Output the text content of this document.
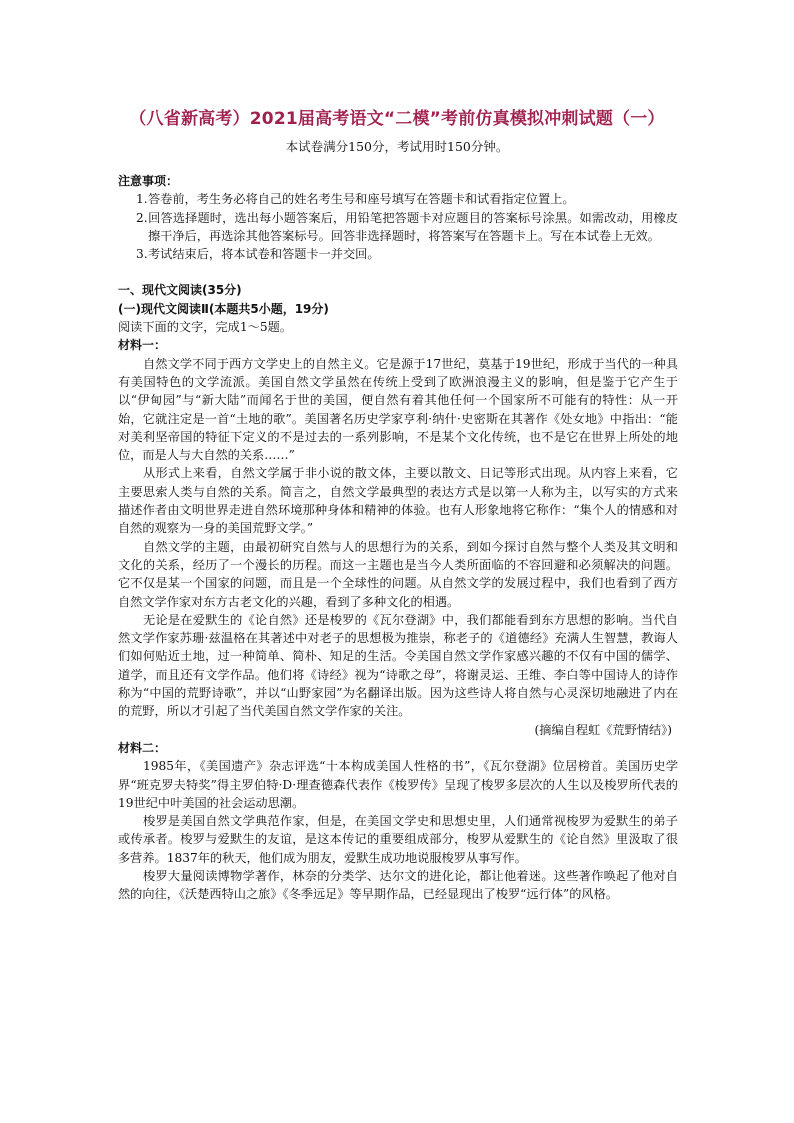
（八省新高考）2021届高考语文“二模”考前仿真模拟冲刺试题（一）
本试卷满分150分，考试用时150分钟。
注意事项：
1.答卷前，考生务必将自己的姓名考生号和座号填写在答题卡和试看指定位置上。
2.回答选择题时，选出每小题答案后，用铅笔把答题卡对应题目的答案标号涂黑。如需改动，用橡皮擦干净后，再选涂其他答案标号。回答非选择题时，将答案写在答题卡上。写在本试卷上无效。
3.考试结束后，将本试卷和答题卡一并交回。
一、现代文阅读(35分)
(一)现代文阅读Ⅱ(本题共5小题，19分)

阅读下面的文字，完成1～5题。

材料一：

自然文学不同于西方文学史上的自然主义。它是源于17世纪，莫基于19世纪，形成于当代的一种具有美国特色的文学流派。美国自然文学虽然在传统上受到了欧洲浪漫主义的影响，但是鉴于它产生于以“伊甸园”与“新大陆”而闻名于世的美国，便自然有着其他任何一个国家所不可能有的特性：从一开始，它就注定是一首“土地的歌”。美国著名历史学家亨利·纳什·史密斯在其著作《处女地》中指出：“能对美利坚帝国的特征下定义的不是过去的一系列影响，不是某个文化传统，也不是它在世界上所处的地位，而是人与大自然的关系……”

从形式上来看，自然文学属于非小说的散文体，主要以散文、日记等形式出现。从内容上来看，它主要思索人类与自然的关系。简言之，自然文学最典型的表达方式是以第一人称为主，以写实的方式来描述作者由文明世界走进自然环境那种身体和精神的体验。也有人形象地将它称作：“集个人的情感和对自然的观察为一身的美国荒野文学。”

自然文学的主题，由最初研究自然与人的思想行为的关系，到如今探讨自然与整个人类及其文明和文化的关系，经历了一个漫长的历程。而这一主题也是当今人类所面临的不容回避和必须解决的问题。它不仅是某一个国家的问题，而且是一个全球性的问题。从自然文学的发展过程中，我们也看到了西方自然文学作家对东方古老文化的兴趣，看到了多种文化的相遇。

无论是在爱默生的《论自然》还是梭罗的《瓦尔登湖》中，我们都能看到东方思想的影响。当代自然文学作家苏珊·兹温格在其著述中对老子的思想极为推崇，称老子的《道德经》充满人生智慧，教诲人们如何贴近土地，过一种简单、简朴、知足的生活。令美国自然文学作家感兴趣的不仅有中国的儒学、道学，而且还有文学作品。他们将《诗经》视为“诗歌之母”，将谢灵运、王维、李白等中国诗人的诗作称为“中国的荒野诗歌”，并以“山野家园”为名翻译出版。因为这些诗人将自然与心灵深切地融进了内在的荒野，所以才引起了当代美国自然文学作家的关注。

(摘编自程虹《荒野情结》)
材料二：

1985年，《美国遗产》杂志评选“十本构成美国人性格的书”，《瓦尔登湖》位居榜首。美国历史学界“班克罗夫特奖”得主罗伯特·D·理查德森代表作《梭罗传》呈现了梭罗多层次的人生以及梭罗所代表的19世纪中叶美国的社会运动思潮。

梭罗是美国自然文学典范作家，但是，在美国文学史和思想史里，人们通常视梭罗为爱默生的弟子或传承者。梭罗与爱默生的友谊，是这本传记的重要组成部分，梭罗从爱默生的《论自然》里汲取了很多营养。1837年的秋天，他们成为朋友，爱默生成功地说服梭罗从事写作。

梭罗大量阅读博物学著作，林奈的分类学、达尔文的进化论，都让他着迷。这些著作唤起了他对自然的向往，《沃楚西特山之旅》《冬季远足》等早期作品，已经显现出了梭罗“远行体”的风格。
